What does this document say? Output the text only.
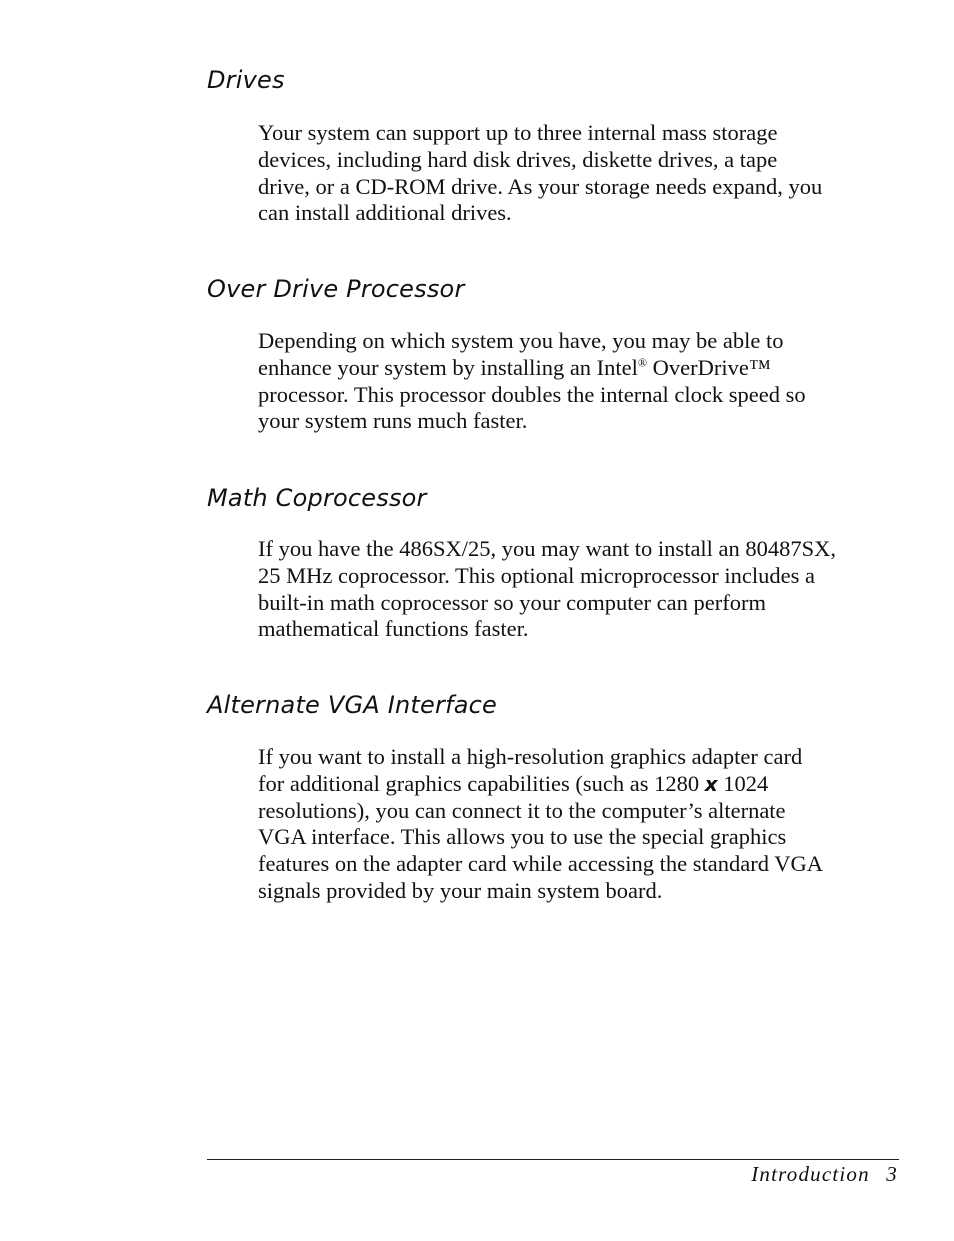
Drives

Your system can support up to three internal mass storage
devices, including hard disk drives, diskette drives, a tape
drive, or a CD-ROM drive. As your storage needs expand, you
can install additional drives.

Over Drive Processor

Depending on which system you have, you may be able to
enhance your system by installing an Intel® OverDrive™
processor. This processor doubles the internal clock speed so
your system runs much faster.

Math Coprocessor

If you have the 486SX/25, you may want to install an 80487SX,
25 MHz coprocessor. This optional microprocessor includes a
built-in math coprocessor so your computer can perform
mathematical functions faster.

Alternate VGA Interface

If you want to install a high-resolution graphics adapter card
for additional graphics capabilities (such as 1280 x 1024
resolutions), you can connect it to the computer’s alternate
VGA interface. This allows you to use the special graphics
features on the adapter card while accessing the standard VGA
signals provided by your main system board.

Introduction 3
